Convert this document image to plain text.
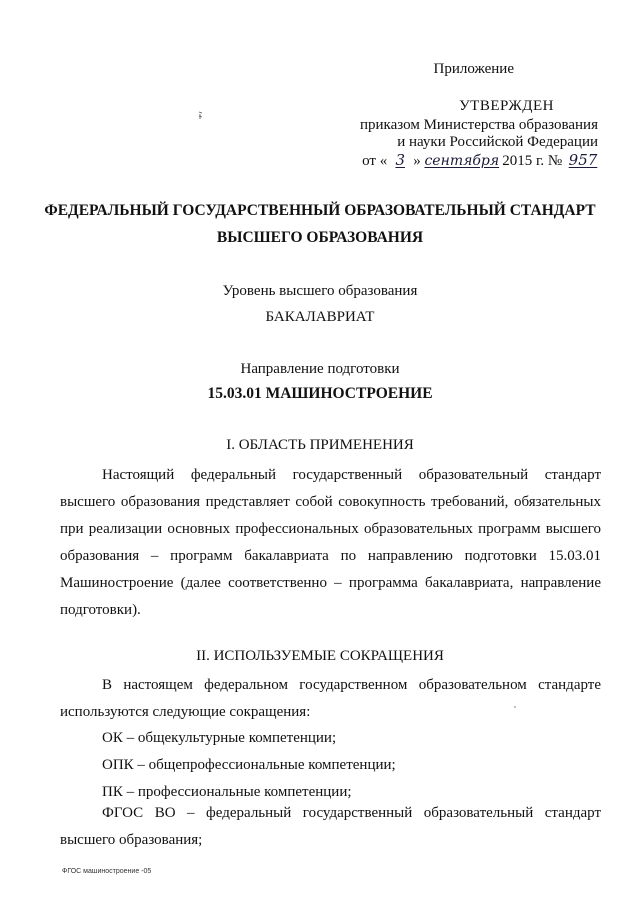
Приложение
УТВЕРЖДЕН
приказом Министерства образования
и науки Российской Федерации
от « 3 » сентября 2015 г. № 957
ФЕДЕРАЛЬНЫЙ ГОСУДАРСТВЕННЫЙ ОБРАЗОВАТЕЛЬНЫЙ СТАНДАРТ
ВЫСШЕГО ОБРАЗОВАНИЯ
Уровень высшего образования
БАКАЛАВРИАТ
Направление подготовки
15.03.01 МАШИНОСТРОЕНИЕ
I. ОБЛАСТЬ ПРИМЕНЕНИЯ
Настоящий федеральный государственный образовательный стандарт высшего образования представляет собой совокупность требований, обязательных при реализации основных профессиональных образовательных программ высшего образования – программ бакалавриата по направлению подготовки 15.03.01 Машиностроение (далее соответственно – программа бакалавриата, направление подготовки).
II. ИСПОЛЬЗУЕМЫЕ СОКРАЩЕНИЯ
В настоящем федеральном государственном образовательном стандарте используются следующие сокращения:
ОК – общекультурные компетенции;
ОПК – общепрофессиональные компетенции;
ПК – профессиональные компетенции;
ФГОС ВО – федеральный государственный образовательный стандарт высшего образования;
ФГОС машиностроение -05
